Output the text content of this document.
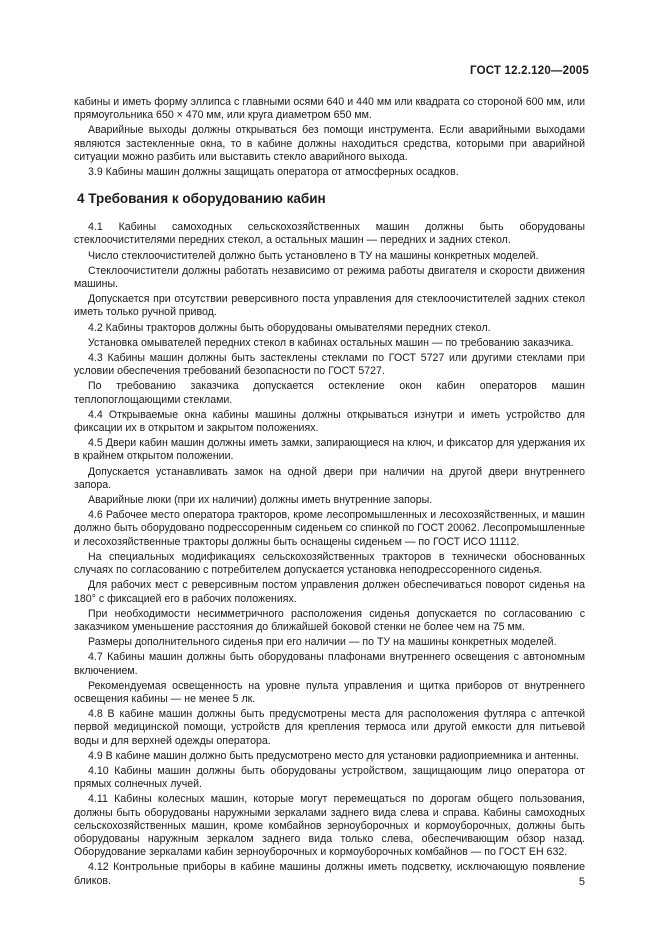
ГОСТ 12.2.120—2005

кабины и иметь форму эллипса с главными осями 640 и 440 мм или квадрата со стороной 600 мм, или прямоугольника 650 × 470 мм, или круга диаметром 650 мм.

Аварийные выходы должны открываться без помощи инструмента. Если аварийными выходами являются застекленные окна, то в кабине должны находиться средства, которыми при аварийной ситуации можно разбить или выставить стекло аварийного выхода.

3.9 Кабины машин должны защищать оператора от атмосферных осадков.

4 Требования к оборудованию кабин

4.1 Кабины самоходных сельскохозяйственных машин должны быть оборудованы стеклоочистителями передних стекол, а остальных машин — передних и задних стекол.

Число стеклоочистителей должно быть установлено в ТУ на машины конкретных моделей.

Стеклоочистители должны работать независимо от режима работы двигателя и скорости движения машины.

Допускается при отсутствии реверсивного поста управления для стеклоочистителей задних стекол иметь только ручной привод.

4.2 Кабины тракторов должны быть оборудованы омывателями передних стекол.

Установка омывателей передних стекол в кабинах остальных машин — по требованию заказчика.

4.3 Кабины машин должны быть застеклены стеклами по ГОСТ 5727 или другими стеклами при условии обеспечения требований безопасности по ГОСТ 5727.

По требованию заказчика допускается остекление окон кабин операторов машин теплопоглощающими стеклами.

4.4 Открываемые окна кабины машины должны открываться изнутри и иметь устройство для фиксации их в открытом и закрытом положениях.

4.5 Двери кабин машин должны иметь замки, запирающиеся на ключ, и фиксатор для удержания их в крайнем открытом положении.

Допускается устанавливать замок на одной двери при наличии на другой двери внутреннего запора.

Аварийные люки (при их наличии) должны иметь внутренние запоры.

4.6 Рабочее место оператора тракторов, кроме лесопромышленных и лесохозяйственных, и машин должно быть оборудовано подрессоренным сиденьем со спинкой по ГОСТ 20062. Лесопромышленные и лесохозяйственные тракторы должны быть оснащены сиденьем — по ГОСТ ИСО 11112.

На специальных модификациях сельскохозяйственных тракторов в технически обоснованных случаях по согласованию с потребителем допускается установка неподрессоренного сиденья.

Для рабочих мест с реверсивным постом управления должен обеспечиваться поворот сиденья на 180° с фиксацией его в рабочих положениях.

При необходимости несимметричного расположения сиденья допускается по согласованию с заказчиком уменьшение расстояния до ближайшей боковой стенки не более чем на 75 мм.

Размеры дополнительного сиденья при его наличии — по ТУ на машины конкретных моделей.

4.7 Кабины машин должны быть оборудованы плафонами внутреннего освещения с автономным включением.

Рекомендуемая освещенность на уровне пульта управления и щитка приборов от внутреннего освещения кабины — не менее 5 лк.

4.8 В кабине машин должны быть предусмотрены места для расположения футляра с аптечкой первой медицинской помощи, устройств для крепления термоса или другой емкости для питьевой воды и для верхней одежды оператора.

4.9 В кабине машин должно быть предусмотрено место для установки радиоприемника и антенны.

4.10 Кабины машин должны быть оборудованы устройством, защищающим лицо оператора от прямых солнечных лучей.

4.11 Кабины колесных машин, которые могут перемещаться по дорогам общего пользования, должны быть оборудованы наружными зеркалами заднего вида слева и справа. Кабины самоходных сельскохозяйственных машин, кроме комбайнов зерноуборочных и кормоуборочных, должны быть оборудованы наружным зеркалом заднего вида только слева, обеспечивающим обзор назад. Оборудование зеркалами кабин зерноуборочных и кормоуборочных комбайнов — по ГОСТ ЕН 632.

4.12 Контрольные приборы в кабине машины должны иметь подсветку, исключающую появление бликов.	5
